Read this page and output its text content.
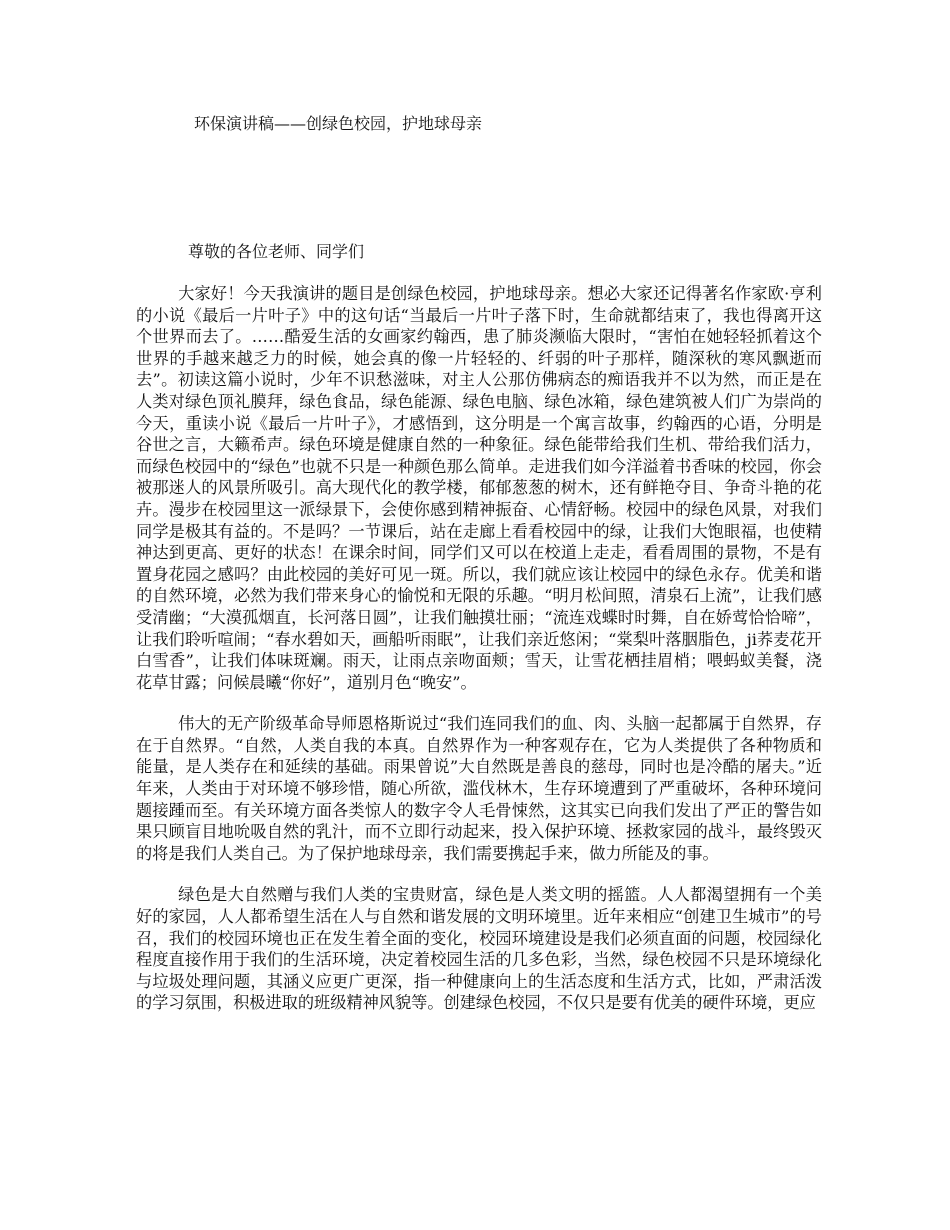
环保演讲稿——创绿色校园，护地球母亲

尊敬的各位老师、同学们

大家好！今天我演讲的题目是创绿色校园，护地球母亲。想必大家还记得著名作家欧·亨利的小说《最后一片叶子》中的这句话“当最后一片叶子落下时，生命就都结束了，我也得离开这个世界而去了。……酷爱生活的女画家约翰西，患了肺炎濒临大限时，“害怕在她轻轻抓着这个世界的手越来越乏力的时候，她会真的像一片轻轻的、纤弱的叶子那样，随深秋的寒风飘逝而去”。初读这篇小说时，少年不识愁滋味，对主人公那仿佛病态的痴语我并不以为然，而正是在人类对绿色顶礼膜拜，绿色食品，绿色能源、绿色电脑、绿色冰箱，绿色建筑被人们广为崇尚的今天，重读小说《最后一片叶子》，才感悟到，这分明是一个寓言故事，约翰西的心语，分明是谷世之言，大籁希声。绿色环境是健康自然的一种象征。绿色能带给我们生机、带给我们活力，而绿色校园中的“绿色”也就不只是一种颜色那么简单。走进我们如今洋溢着书香味的校园，你会被那迷人的风景所吸引。高大现代化的教学楼，郁郁葱葱的树木，还有鲜艳夺目、争奇斗艳的花卉。漫步在校园里这一派绿景下，会使你感到精神振奋、心情舒畅。校园中的绿色风景，对我们同学是极其有益的。不是吗？一节课后，站在走廊上看看校园中的绿，让我们大饱眼福，也使精神达到更高、更好的状态！在课余时间，同学们又可以在校道上走走，看看周围的景物，不是有置身花园之感吗？由此校园的美好可见一斑。所以，我们就应该让校园中的绿色永存。优美和谐的自然环境，必然为我们带来身心的愉悦和无限的乐趣。“明月松间照，清泉石上流”，让我们感受清幽；“大漠孤烟直，长河落日圆”，让我们触摸壮丽；“流连戏蝶时时舞，自在娇莺恰恰啼”，让我们聆听喧闹；“春水碧如天，画船听雨眠”，让我们亲近悠闲；“棠梨叶落胭脂色，ji荞麦花开白雪香”，让我们体味斑斓。雨天，让雨点亲吻面颊；雪天，让雪花栖挂眉梢；喂蚂蚁美餐，浇花草甘露；问候晨曦“你好”，道别月色“晚安”。

伟大的无产阶级革命导师恩格斯说过“我们连同我们的血、肉、头脑一起都属于自然界，存在于自然界。“自然，人类自我的本真。自然界作为一种客观存在，它为人类提供了各种物质和能量，是人类存在和延续的基础。雨果曾说”大自然既是善良的慈母，同时也是冷酷的屠夫。”近年来，人类由于对环境不够珍惜，随心所欲，滥伐林木，生存环境遭到了严重破坏，各种环境问题接踵而至。有关环境方面各类惊人的数字令人毛骨悚然，这其实已向我们发出了严正的警告如果只顾盲目地吮吸自然的乳汁，而不立即行动起来，投入保护环境、拯救家园的战斗，最终毁灭的将是我们人类自己。为了保护地球母亲，我们需要携起手来，做力所能及的事。

绿色是大自然赠与我们人类的宝贵财富，绿色是人类文明的摇篮。人人都渴望拥有一个美好的家园，人人都希望生活在人与自然和谐发展的文明环境里。近年来相应“创建卫生城市”的号召，我们的校园环境也正在发生着全面的变化，校园环境建设是我们必须直面的问题，校园绿化程度直接作用于我们的生活环境，决定着校园生活的几多色彩，当然，绿色校园不只是环境绿化与垃圾处理问题，其涵义应更广更深，指一种健康向上的生活态度和生活方式，比如，严肃活泼的学习氛围，积极进取的班级精神风貌等。创建绿色校园，不仅只是要有优美的硬件环境，更应
